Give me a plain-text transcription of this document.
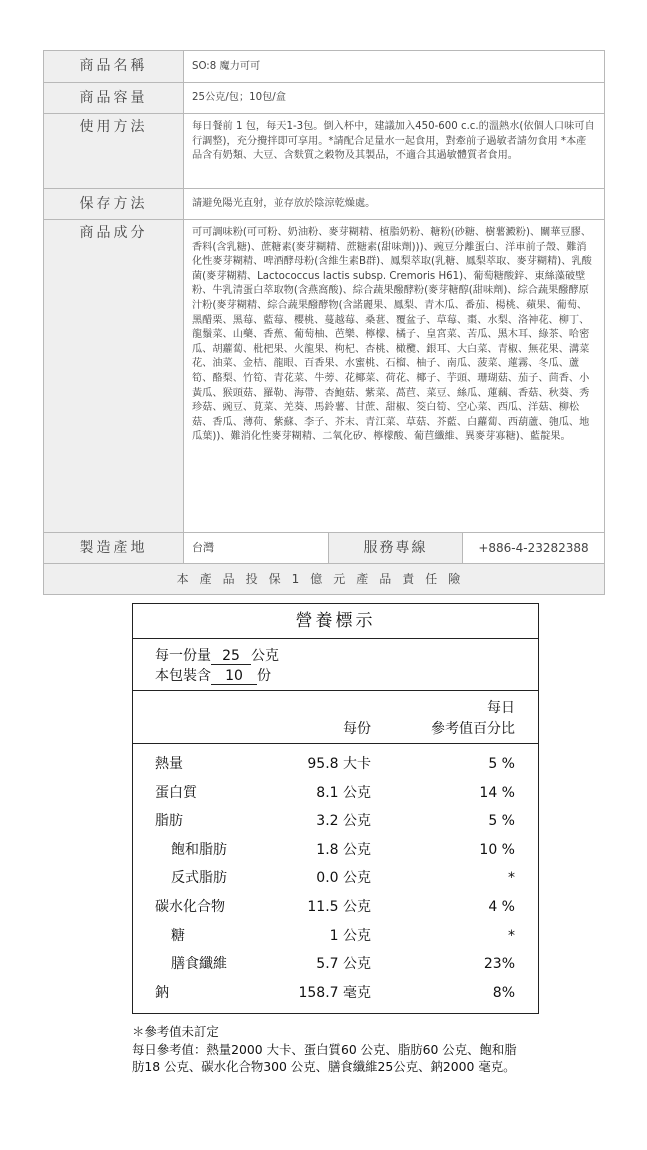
商品名稱	SO:8 魔力可可
商品容量	25公克/包；10包/盒
使用方法	每日餐前 1 包，每天1-3包。倒入杯中，建議加入450-600 c.c.的溫熱水(依個人口味可自行調整)，充分攪拌即可享用。*請配合足量水一起食用，對牽前子過敏者請勿食用 *本產品含有奶類、大豆、含麩質之穀物及其製品，不適合其過敏體質者食用。
保存方法	請避免陽光直射，並存放於陰涼乾燥處。
商品成分	可可調味粉(可可粉、奶油粉、麥芽糊精、植脂奶粉、糖粉(砂糖、樹薯澱粉)、關華豆膠、香料(含乳糖)、蔗糖素(麥芽糊精、蔗糖素(甜味劑)))、豌豆分離蛋白、洋車前子殼、難消化性麥芽糊精、啤酒酵母粉(含維生素B群)、鳳梨萃取(乳糖、鳳梨萃取、麥芽糊精)、乳酸菌(麥芽糊精、Lactococcus lactis subsp. Cremoris H61)、葡萄糖酸鋅、東絲藻破壁粉、牛乳清蛋白萃取物(含燕窩酸)、綜合蔬果醱酵粉(麥芽糖醇(甜味劑)、綜合蔬果醱酵原汁粉(麥芽糊精、綜合蔬果醱酵物(含諾麗果、鳳梨、青木瓜、番茄、楊桃、蘋果、葡萄、黑醋栗、黑莓、藍莓、櫻桃、蔓越莓、桑葚、覆盆子、草莓、棗、水梨、洛神花、柳丁、龍鬚菜、山藥、香蕉、葡萄柚、芭樂、檸檬、橘子、皇宮菜、苦瓜、黑木耳、綠茶、哈密瓜、胡蘿蔔、枇杷果、火龍果、枸杞、杏桃、橄欖、銀耳、大白菜、青椒、無花果、溝菜花、油菜、金桔、龍眼、百香果、水蜜桃、石榴、柚子、南瓜、菠菜、蓮霧、冬瓜、蘆筍、酪梨、竹筍、青花菜、牛蒡、花椰菜、荷花、椰子、芋頭、珊瑚菇、茄子、茴香、小黃瓜、猴頭菇、羅勒、海帶、杏鮑菇、紫菜、萵苣、菜豆、絲瓜、蓮藕、香菇、秋葵、秀珍菇、豌豆、莧菜、羌葵、馬鈴薯、甘蔗、甜椒、筊白筍、空心菜、西瓜、洋菇、柳松菇、香瓜、薄荷、紫蘇、李子、芥末、青江菜、草菇、芥藍、白蘿蔔、西葫蘆、匏瓜、地瓜葉))、難消化性麥芽糊精、二氧化矽、檸檬酸、葡苣纖維、異麥芽寡糖)、藍靛果。
製造產地	台灣	服務專線	+886-4-23282388
本產品投保1億元產品責任險
營養標示
每一份量 25 公克
本包裝含 10 份
每份
每日
參考值百分比
熱量	95.8 大卡	5 %
蛋白質	8.1 公克	14 %
脂肪	3.2 公克	5 %
飽和脂肪	1.8 公克	10 %
反式脂肪	0.0 公克	*
碳水化合物	11.5 公克	4 %
糖	1 公克	*
膳食纖維	5.7 公克	23%
鈉	158.7 毫克	8%
＊參考值未訂定
每日參考值：熱量2000 大卡、蛋白質60 公克、脂肪60 公克、飽和脂
肪18 公克、碳水化合物300 公克、膳食纖維25公克、鈉2000 毫克。
